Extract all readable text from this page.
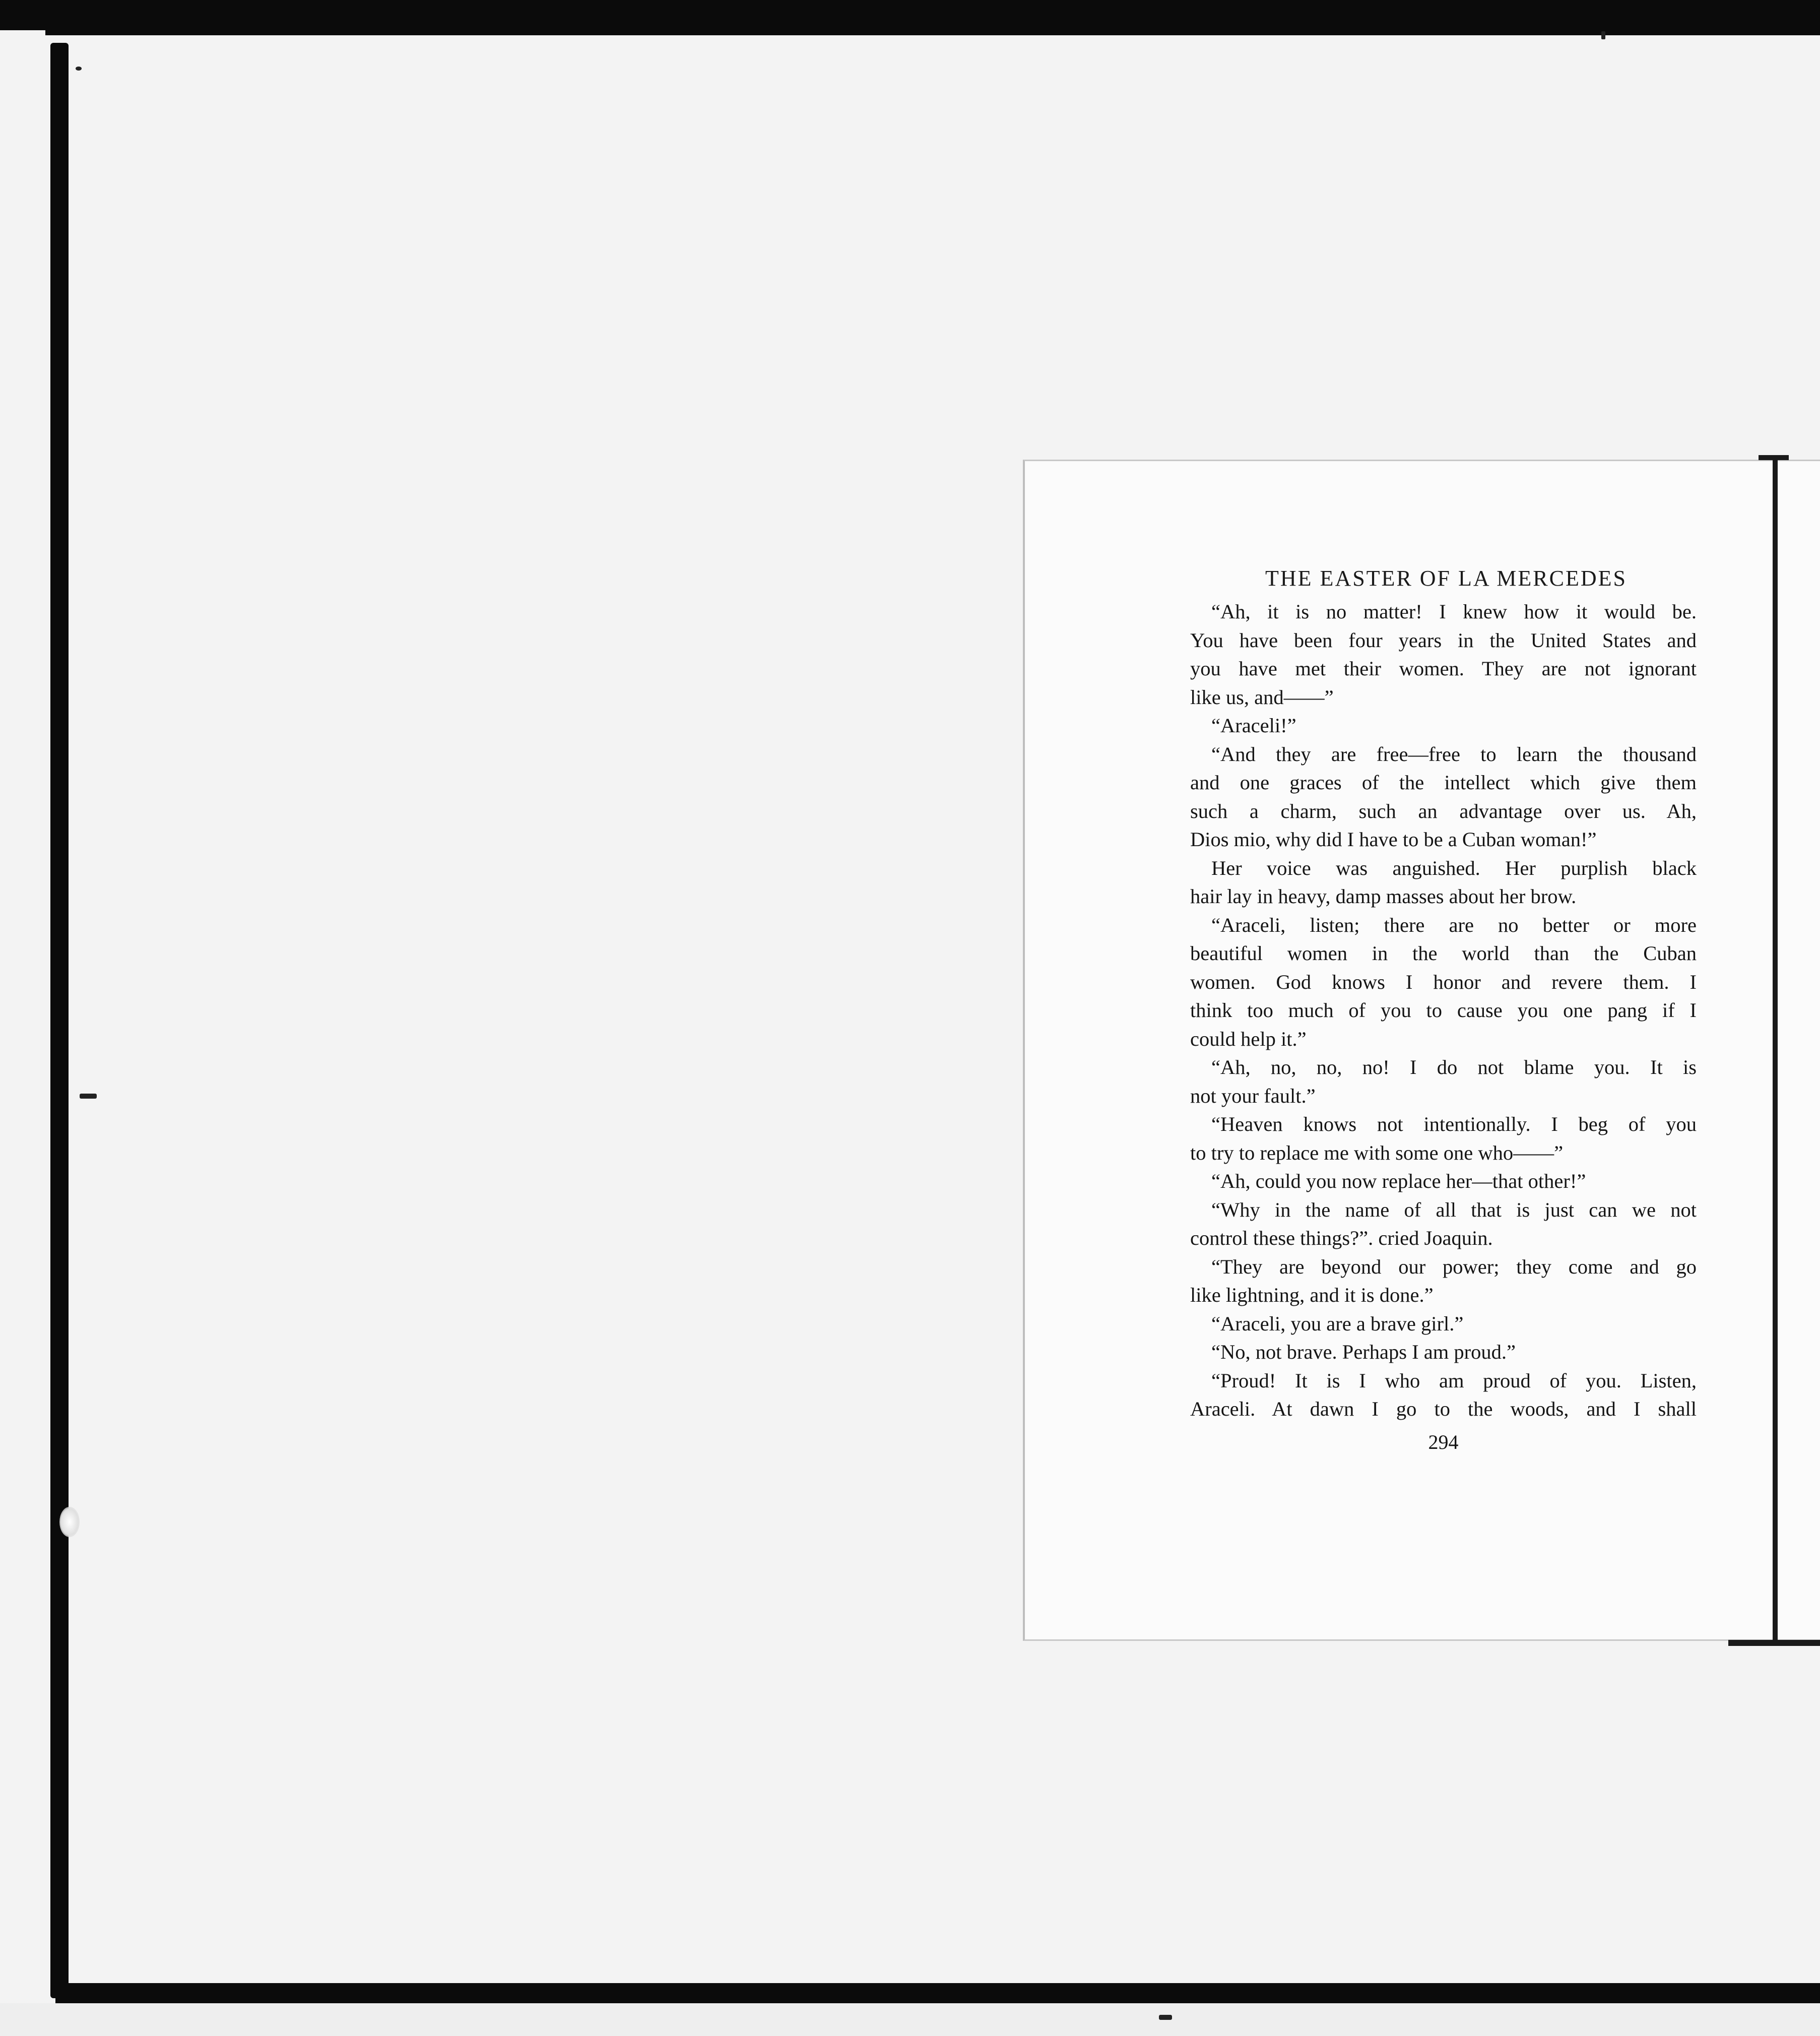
THE EASTER OF LA MERCEDES
“Ah, it is no matter! I knew how it would be.
You have been four years in the United States and
you have met their women. They are not ignorant
like us, and——”
“Araceli!”
“And they are free—free to learn the thousand
and one graces of the intellect which give them
such a charm, such an advantage over us. Ah,
Dios mio, why did I have to be a Cuban woman!”
Her voice was anguished. Her purplish black
hair lay in heavy, damp masses about her brow.
“Araceli, listen; there are no better or more
beautiful women in the world than the Cuban
women. God knows I honor and revere them. I
think too much of you to cause you one pang if I
could help it.”
“Ah, no, no, no! I do not blame you. It is
not your fault.”
“Heaven knows not intentionally. I beg of you
to try to replace me with some one who——”
“Ah, could you now replace her—that other!”
“Why in the name of all that is just can we not
control these things?”. cried Joaquin.
“They are beyond our power; they come and go
like lightning, and it is done.”
“Araceli, you are a brave girl.”
“No, not brave. Perhaps I am proud.”
“Proud! It is I who am proud of you. Listen,
Araceli. At dawn I go to the woods, and I shall
294
